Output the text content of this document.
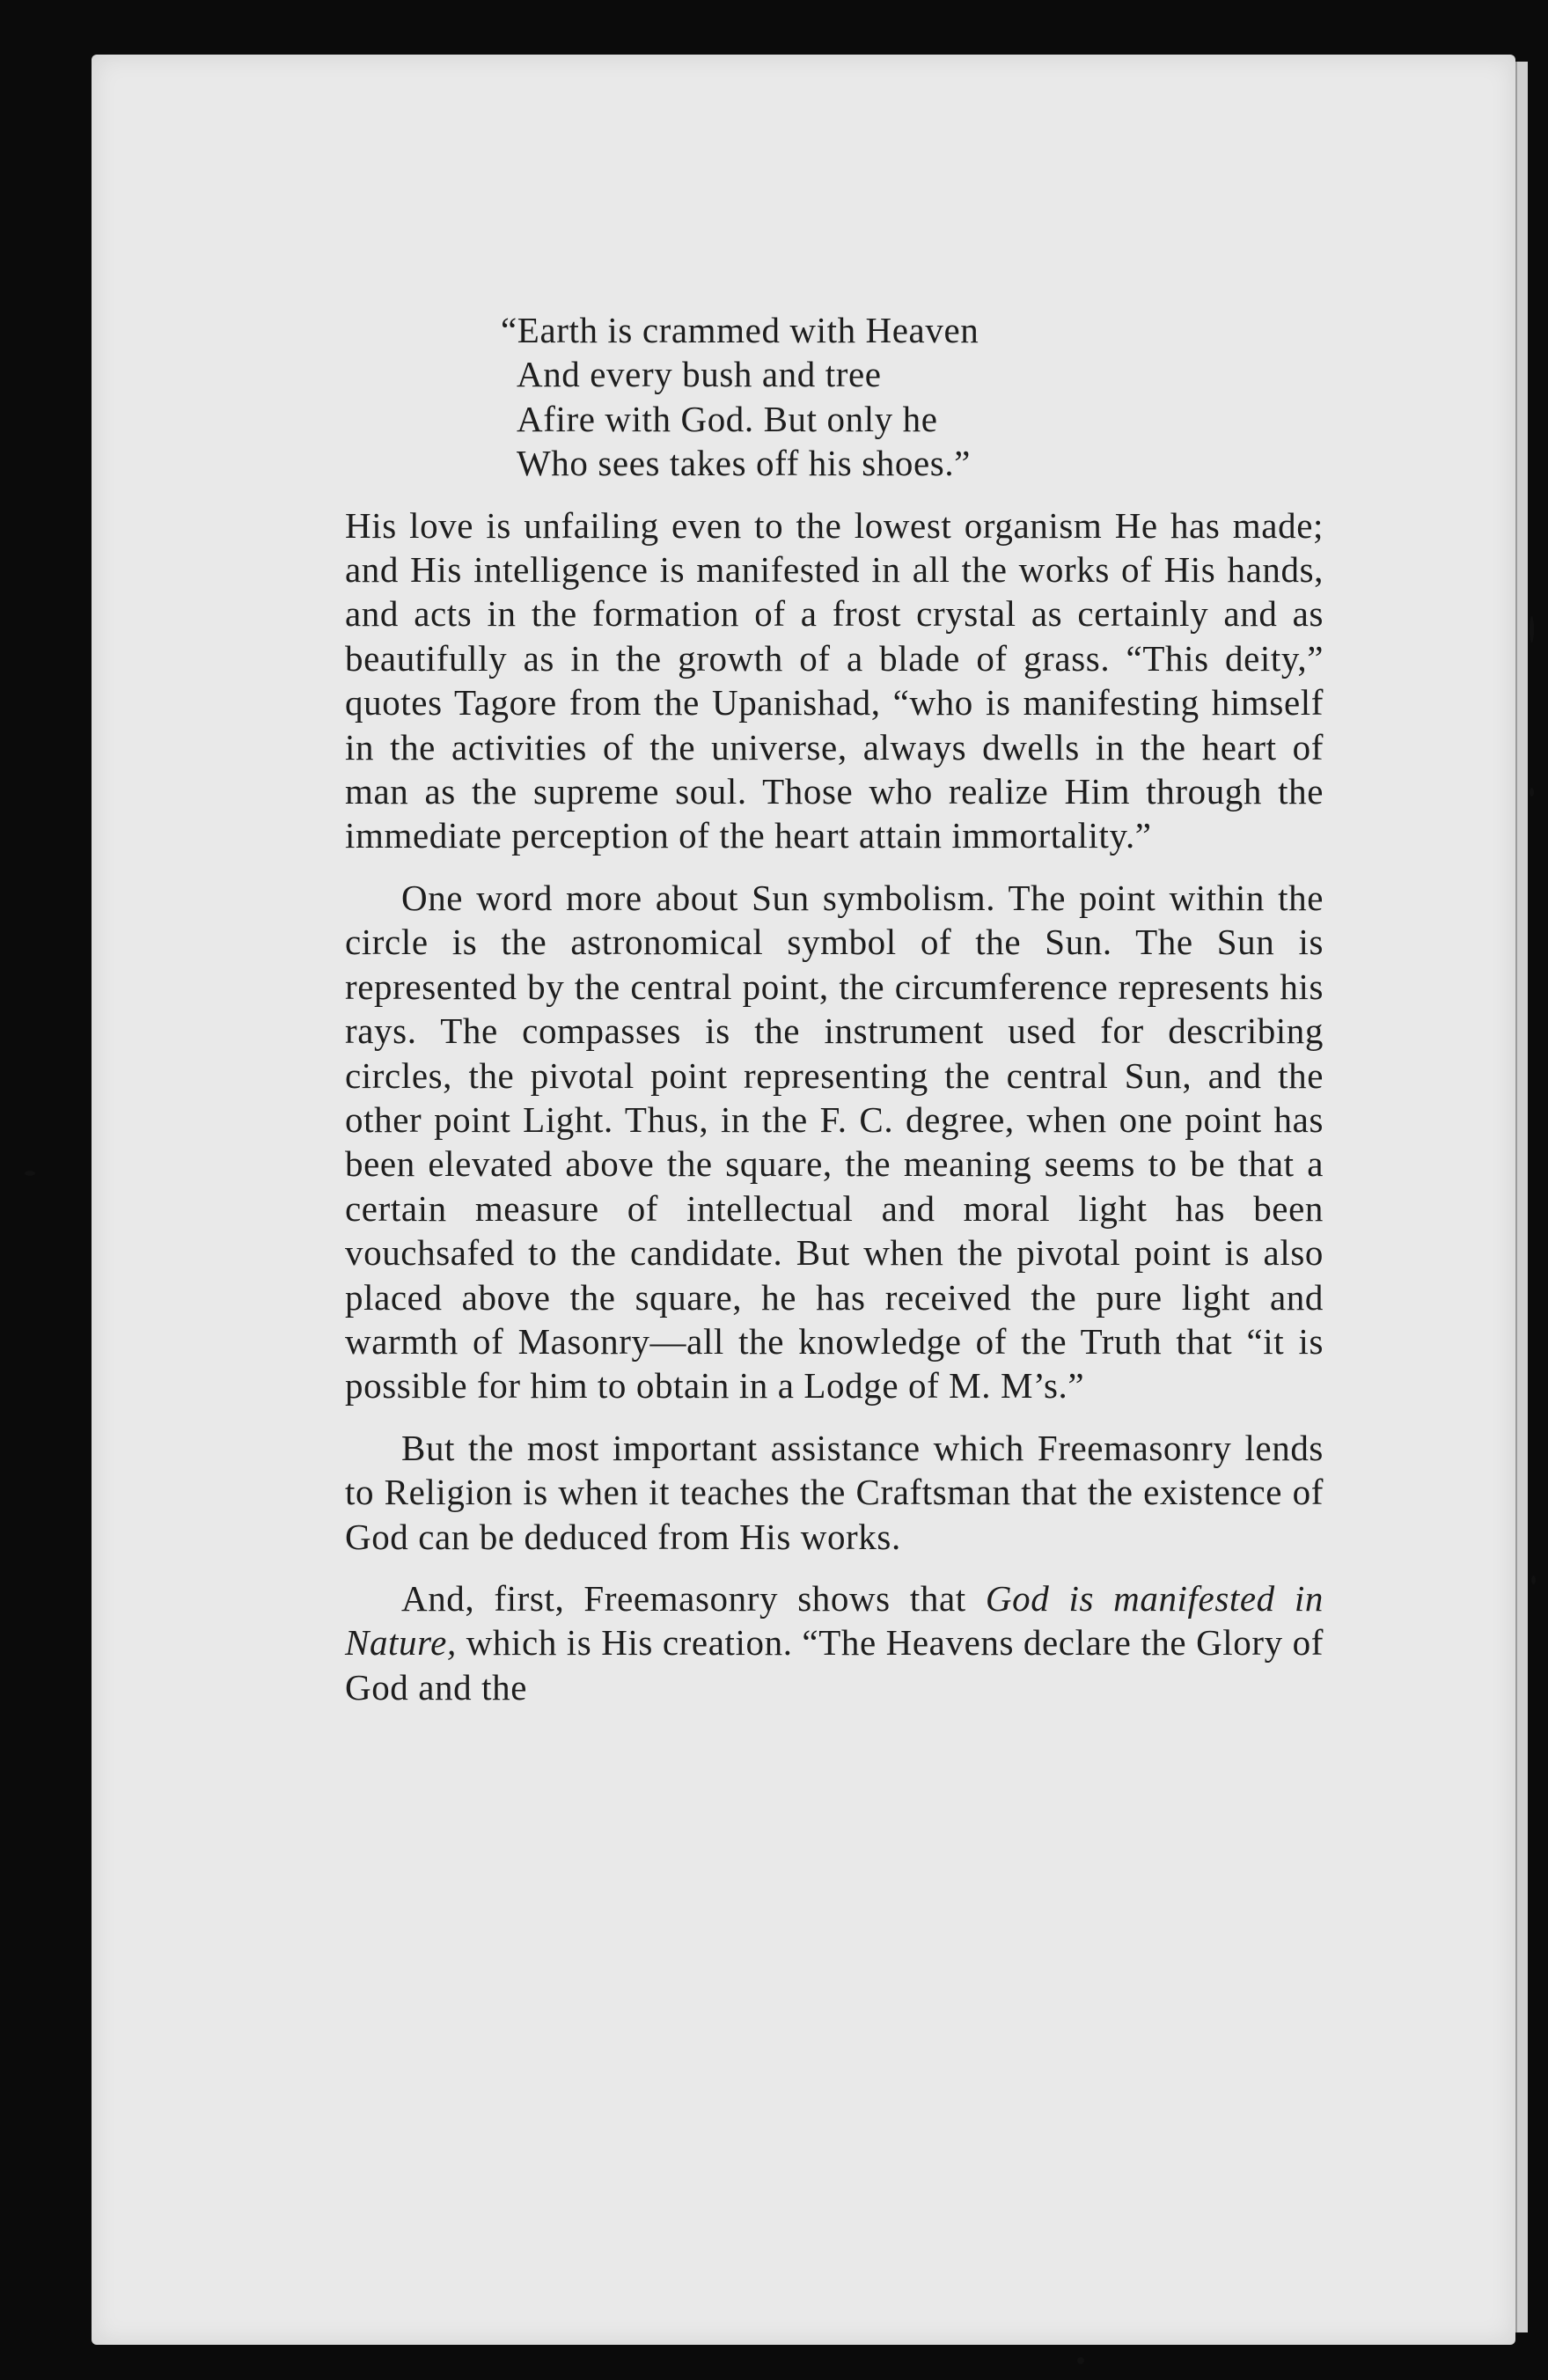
“Earth is crammed with Heaven
And every bush and tree
Afire with God. But only he
Who sees takes off his shoes.”

His love is unfailing even to the lowest organism He has made; and His intelligence is manifested in all the works of His hands, and acts in the formation of a frost crystal as certainly and as beautifully as in the growth of a blade of grass. “This deity,” quotes Tagore from the Upanishad, “who is manifesting himself in the activities of the universe, always dwells in the heart of man as the supreme soul. Those who realize Him through the immediate perception of the heart attain immortality.”

One word more about Sun symbolism. The point within the circle is the astronomical symbol of the Sun. The Sun is represented by the central point, the circumference represents his rays. The compasses is the instrument used for describing circles, the pivotal point representing the central Sun, and the other point Light. Thus, in the F. C. degree, when one point has been elevated above the square, the meaning seems to be that a certain measure of intellectual and moral light has been vouchsafed to the candidate. But when the pivotal point is also placed above the square, he has received the pure light and warmth of Masonry—all the knowledge of the Truth that “it is possible for him to obtain in a Lodge of M. M’s.”

But the most important assistance which Freemasonry lends to Religion is when it teaches the Craftsman that the existence of God can be deduced from His works.

And, first, Freemasonry shows that God is manifested in Nature, which is His creation. “The Heavens declare the Glory of God and the
